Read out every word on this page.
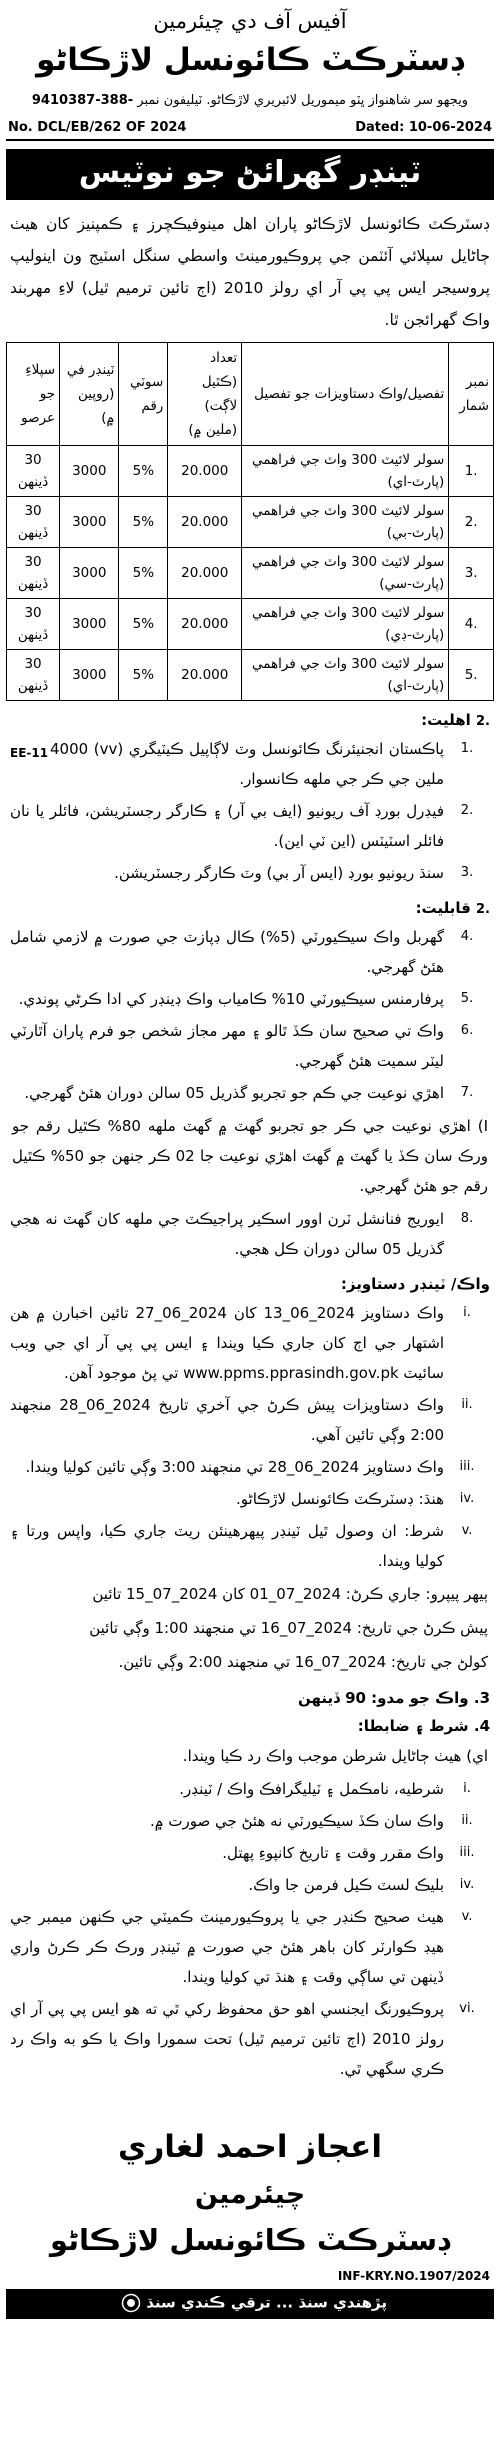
آفيس آف دي چيئرمين
ڊسٽرڪٽ ڪائونسل لاڙڪاڻو
ويجهو سر شاهنواز ڀٽو ميموريل لائبريري لاڙڪاڻو. ٽيليفون نمبر 9410387-388-
No. DCL/EB/262 OF 2024	Dated: 10-06-2024
ٽينڊر گهرائڻ جو نوٽيس
ڊسٽرڪٽ ڪائونسل لاڙڪاڻو پاران اهل مينوفيڪچرز ۽ ڪمپنيز کان هيٺ ڄاڻايل سپلائي آئٽمن جي پروڪيورمينٽ واسطي سنگل اسٽيج ون اينوليپ پروسيجر ايس پي پي آر اي رولز 2010 (اڄ تائين ترميم ٿيل) لاءِ مهربند واڪ گهرائجن ٿا.
نمبر شمار	تفصيل/واڪ دستاويزات جو تفصيل	تعداد (ڪٿيل لاڳت) (ملين ۾)	سوٽي رقم	ٽينڊر في (روپين ۾)	سپلاءِ جو عرصو
1.	سولر لائيٽ 300 واٽ جي فراهمي (پارٽ-اي)	20.000	5%	3000	30 ڏينهن
2.	سولر لائيٽ 300 واٽ جي فراهمي (پارٽ-بي)	20.000	5%	3000	30 ڏينهن
3.	سولر لائيٽ 300 واٽ جي فراهمي (پارٽ-سي)	20.000	5%	3000	30 ڏينهن
4.	سولر لائيٽ 300 واٽ جي فراهمي (پارٽ-ڊي)	20.000	5%	3000	30 ڏينهن
5.	سولر لائيٽ 300 واٽ جي فراهمي (پارٽ-اي)	20.000	5%	3000	30 ڏينهن
2. اهليت:
1.
پاڪستان انجنيئرنگ ڪائونسل وٽ لاڳاپيل ڪيٽيگري (vv) 4000 ملين جي ڪر جي ملهه ڪانسوار.
EE-11
2.
فيڊرل بورڊ آف ريونيو (ايف بي آر) ۽ ڪارگر رجسٽريشن، فائلر يا نان فائلر اسٽيٽس (اين ٽي اين).
3.
سنڌ ريونيو بورڊ (ايس آر بي) وٽ ڪارگر رجسٽريشن.
2. قابليت:
4.
گهربل واڪ سيڪيورٽي (5%) ڪال ڊپازٽ جي صورت ۾ لازمي شامل هئڻ گهرجي.
5.
پرفارمنس سيڪيورٽي 10% ڪامياب واڪ ڊينڊر کي ادا ڪرڻي پوندي.
6.
واڪ تي صحيح سان ڪڏ ٿالو ۽ مهر مجاز شخص جو فرم پاران آٿارٽي ليٽر سميت هئڻ گهرجي.
7.
اهڙي نوعيت جي ڪم جو تجربو گذريل 05 سالن دوران هئڻ گهرجي.
I) اهڙي نوعيت جي ڪر جو تجربو گهٽ ۾ گهٽ ملهه 80% ڪٿيل رقم جو ورڪ سان ڪڏ يا گهٽ ۾ گهٽ اهڙي نوعيت جا 02 ڪر جنهن جو 50% ڪٿيل رقم جو هئڻ گهرجي.
8.
ايوريج فنانشل ٽرن اوور اسڪير پراجيڪٽ جي ملهه کان گهٽ نه هجي گذريل 05 سالن دوران ڪل هجي.
واڪ/ ٽينڊر دستاويز:
i.
واڪ دستاويز 2024_06_13 کان 2024_06_27 تائين اخبارن ۾ هن اشتهار جي اڄ کان جاري ڪيا ويندا ۽ ايس پي پي آر اي جي ويب سائيٽ www.ppms.pprasindh.gov.pk تي پڻ موجود آهن.
ii.
واڪ دستاويزات پيش ڪرڻ جي آخري تاريخ 2024_06_28 منجهند 2:00 وڳي تائين آهي.
iii.
واڪ دستاويز 2024_06_28 تي منجهند 3:00 وڳي تائين کوليا ويندا.
iv.
هنڌ: ڊسٽرڪٽ ڪائونسل لاڙڪاڻو.
v.
شرط: ان وصول ٿيل ٽينڊر پيهرهينئن ريٽ جاري ڪيا، واپس ورتا ۽ کوليا ويندا.
ٻيهر پيپرو: جاري ڪرڻ: 2024_07_01 کان 2024_07_15 تائين
پيش ڪرڻ جي تاريخ: 2024_07_16 تي منجهند 1:00 وڳي تائين
کولڻ جي تاريخ: 2024_07_16 تي منجهند 2:00 وڳي تائين.
3. واڪ جو مدو: 90 ڏينهن
4. شرط ۽ ضابطا:
اي) هيٺ ڄاڻايل شرطن موجب واڪ رد ڪيا ويندا.
i.
شرطيه، نامڪمل ۽ ٽيليگرافڪ واڪ / ٽينڊر.
ii.
واڪ سان ڪڏ سيڪيورٽي نه هئڻ جي صورت ۾.
iii.
واڪ مقرر وقت ۽ تاريخ کانپوءِ پهتل.
iv.
بليڪ لسٽ ڪيل فرمن جا واڪ.
v.
هيٺ صحيح ڪنڊر جي يا پروڪيورمينٽ ڪميٽي جي ڪنهن ميمبر جي هيڊ ڪوارٽر کان باهر هئڻ جي صورت ۾ ٽينڊر ورڪ ڪر ڪرڻ واري ڏينهن تي ساڳي وقت ۽ هنڌ تي کوليا ويندا.
vi.
پروڪيورنگ ايجنسي اهو حق محفوظ رکي ٿي ته هو ايس پي پي آر اي رولز 2010 (اڄ تائين ترميم ٿيل) تحت سمورا واڪ يا ڪو به واڪ رد ڪري سگهي ٿي.
اعجاز احمد لغاري
چيئرمين
ڊسٽرڪٽ ڪائونسل لاڙڪاڻو
INF-KRY.NO.1907/2024
پڙهندي سنڌ ... ترقي ڪندي سنڌ
